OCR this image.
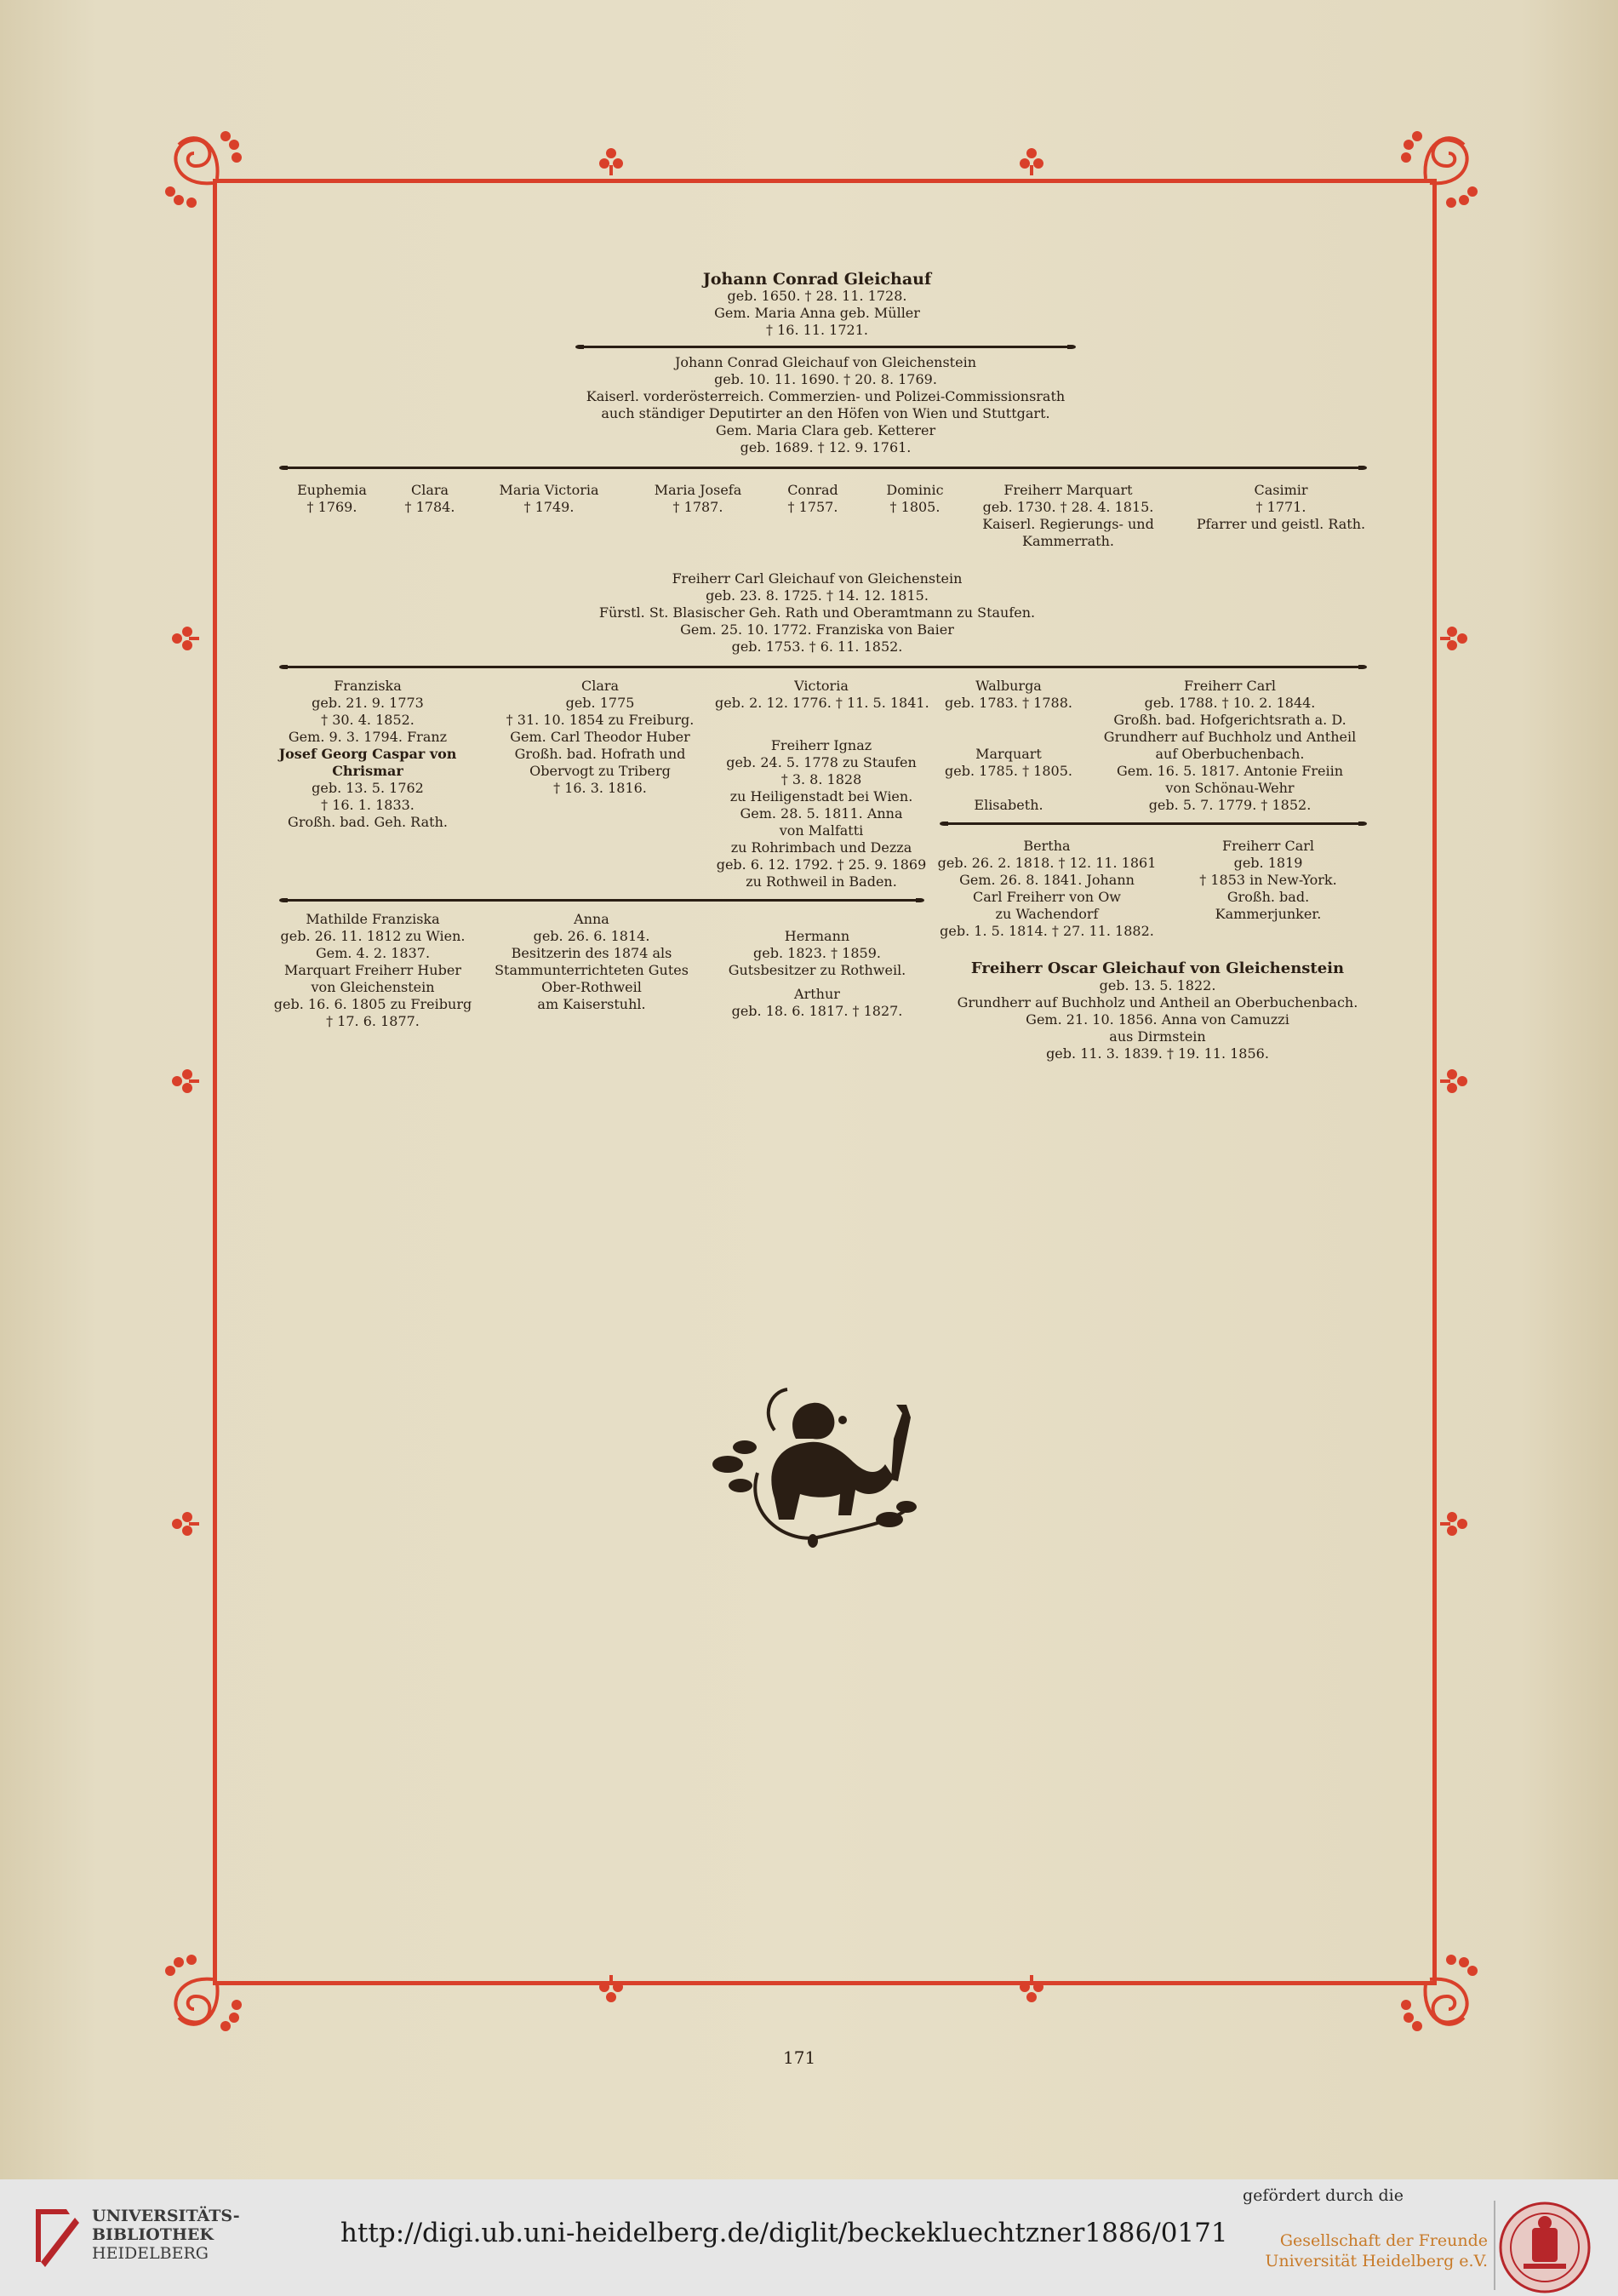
Johann Conrad Gleichauf
geb. 1650. † 28. 11. 1728.
Gem. Maria Anna geb. Müller
† 16. 11. 1721.
Johann Conrad Gleichauf von Gleichenstein
geb. 10. 11. 1690. † 20. 8. 1769.
Kaiserl. vorderösterreich. Commerzien- und Polizei-Commissionsrath
auch ständiger Deputirter an den Höfen von Wien und Stuttgart.
Gem. Maria Clara geb. Ketterer
geb. 1689. † 12. 9. 1761.
Euphemia
† 1769.
Clara
† 1784.
Maria Victoria
† 1749.
Maria Josefa
† 1787.
Conrad
† 1757.
Dominic
† 1805.
Freiherr Marquart
geb. 1730. † 28. 4. 1815.
Kaiserl. Regierungs- und
Kammerrath.
Casimir
† 1771.
Pfarrer und geistl. Rath.
Freiherr Carl Gleichauf von Gleichenstein
geb. 23. 8. 1725. † 14. 12. 1815.
Fürstl. St. Blasischer Geh. Rath und Oberamtmann zu Staufen.
Gem. 25. 10. 1772. Franziska von Baier
geb. 1753. † 6. 11. 1852.
Franziska
geb. 21. 9. 1773
† 30. 4. 1852.
Gem. 9. 3. 1794. Franz
Josef Georg Caspar von
Chrismar
geb. 13. 5. 1762
† 16. 1. 1833.
Großh. bad. Geh. Rath.
Clara
geb. 1775
† 31. 10. 1854 zu Freiburg.
Gem. Carl Theodor Huber
Großh. bad. Hofrath und
Obervogt zu Triberg
† 16. 3. 1816.
Victoria
geb. 2. 12. 1776. † 11. 5. 1841.
Freiherr Ignaz
geb. 24. 5. 1778 zu Staufen
† 3. 8. 1828
zu Heiligenstadt bei Wien.
Gem. 28. 5. 1811. Anna
von Malfatti
zu Rohrimbach und Dezza
geb. 6. 12. 1792. † 25. 9. 1869
zu Rothweil in Baden.
Walburga
geb. 1783. † 1788.
Marquart
geb. 1785. † 1805.
Elisabeth.
Freiherr Carl
geb. 1788. † 10. 2. 1844.
Großh. bad. Hofgerichtsrath a. D.
Grundherr auf Buchholz und Antheil
auf Oberbuchenbach.
Gem. 16. 5. 1817. Antonie Freiin
von Schönau-Wehr
geb. 5. 7. 1779. † 1852.
Mathilde Franziska
geb. 26. 11. 1812 zu Wien.
Gem. 4. 2. 1837.
Marquart Freiherr Huber
von Gleichenstein
geb. 16. 6. 1805 zu Freiburg
† 17. 6. 1877.
Anna
geb. 26. 6. 1814.
Besitzerin des 1874 als
Stammunterrichteten Gutes
Ober-Rothweil
am Kaiserstuhl.
Hermann
geb. 1823. † 1859.
Gutsbesitzer zu Rothweil.
Arthur
geb. 18. 6. 1817. † 1827.
Bertha
geb. 26. 2. 1818. † 12. 11. 1861
Gem. 26. 8. 1841. Johann
Carl Freiherr von Ow
zu Wachendorf
geb. 1. 5. 1814. † 27. 11. 1882.
Freiherr Carl
geb. 1819
† 1853 in New-York.
Großh. bad.
Kammerjunker.
Freiherr Oscar Gleichauf von Gleichenstein
geb. 13. 5. 1822.
Grundherr auf Buchholz und Antheil an Oberbuchenbach.
Gem. 21. 10. 1856. Anna von Camuzzi
aus Dirmstein
geb. 11. 3. 1839. † 19. 11. 1856.
171
UNIVERSITÄTS-
BIBLIOTHEK
HEIDELBERG
http://digi.ub.uni-heidelberg.de/diglit/beckekluechtzner1886/0171
gefördert durch die
Gesellschaft der Freunde
Universität Heidelberg e.V.
